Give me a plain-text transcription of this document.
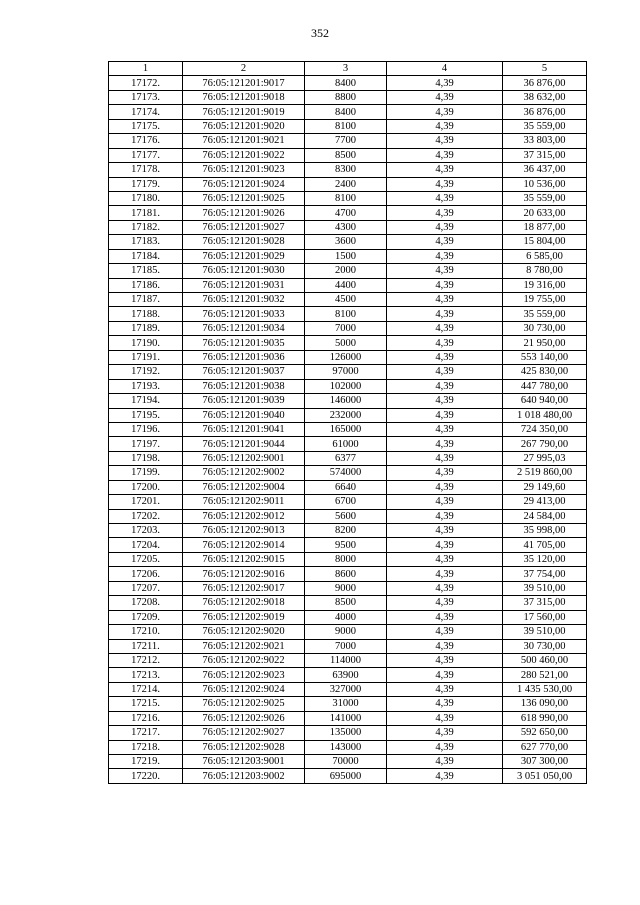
352
1	2	3	4	5
17172.	76:05:121201:9017	8400	4,39	36 876,00
17173.	76:05:121201:9018	8800	4,39	38 632,00
17174.	76:05:121201:9019	8400	4,39	36 876,00
17175.	76:05:121201:9020	8100	4,39	35 559,00
17176.	76:05:121201:9021	7700	4,39	33 803,00
17177.	76:05:121201:9022	8500	4,39	37 315,00
17178.	76:05:121201:9023	8300	4,39	36 437,00
17179.	76:05:121201:9024	2400	4,39	10 536,00
17180.	76:05:121201:9025	8100	4,39	35 559,00
17181.	76:05:121201:9026	4700	4,39	20 633,00
17182.	76:05:121201:9027	4300	4,39	18 877,00
17183.	76:05:121201:9028	3600	4,39	15 804,00
17184.	76:05:121201:9029	1500	4,39	6 585,00
17185.	76:05:121201:9030	2000	4,39	8 780,00
17186.	76:05:121201:9031	4400	4,39	19 316,00
17187.	76:05:121201:9032	4500	4,39	19 755,00
17188.	76:05:121201:9033	8100	4,39	35 559,00
17189.	76:05:121201:9034	7000	4,39	30 730,00
17190.	76:05:121201:9035	5000	4,39	21 950,00
17191.	76:05:121201:9036	126000	4,39	553 140,00
17192.	76:05:121201:9037	97000	4,39	425 830,00
17193.	76:05:121201:9038	102000	4,39	447 780,00
17194.	76:05:121201:9039	146000	4,39	640 940,00
17195.	76:05:121201:9040	232000	4,39	1 018 480,00
17196.	76:05:121201:9041	165000	4,39	724 350,00
17197.	76:05:121201:9044	61000	4,39	267 790,00
17198.	76:05:121202:9001	6377	4,39	27 995,03
17199.	76:05:121202:9002	574000	4,39	2 519 860,00
17200.	76:05:121202:9004	6640	4,39	29 149,60
17201.	76:05:121202:9011	6700	4,39	29 413,00
17202.	76:05:121202:9012	5600	4,39	24 584,00
17203.	76:05:121202:9013	8200	4,39	35 998,00
17204.	76:05:121202:9014	9500	4,39	41 705,00
17205.	76:05:121202:9015	8000	4,39	35 120,00
17206.	76:05:121202:9016	8600	4,39	37 754,00
17207.	76:05:121202:9017	9000	4,39	39 510,00
17208.	76:05:121202:9018	8500	4,39	37 315,00
17209.	76:05:121202:9019	4000	4,39	17 560,00
17210.	76:05:121202:9020	9000	4,39	39 510,00
17211.	76:05:121202:9021	7000	4,39	30 730,00
17212.	76:05:121202:9022	114000	4,39	500 460,00
17213.	76:05:121202:9023	63900	4,39	280 521,00
17214.	76:05:121202:9024	327000	4,39	1 435 530,00
17215.	76:05:121202:9025	31000	4,39	136 090,00
17216.	76:05:121202:9026	141000	4,39	618 990,00
17217.	76:05:121202:9027	135000	4,39	592 650,00
17218.	76:05:121202:9028	143000	4,39	627 770,00
17219.	76:05:121203:9001	70000	4,39	307 300,00
17220.	76:05:121203:9002	695000	4,39	3 051 050,00
